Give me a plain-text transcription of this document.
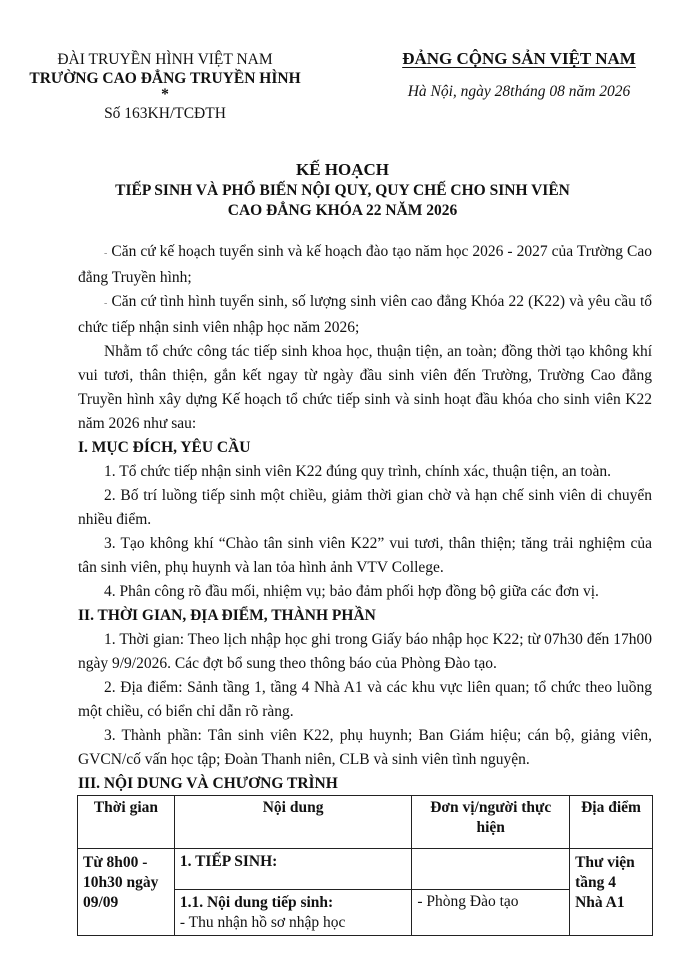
ĐÀI TRUYỀN HÌNH VIỆT NAM
TRƯỜNG CAO ĐẲNG TRUYỀN HÌNH
*
Số 163KH/TCĐTH
ĐẢNG CỘNG SẢN VIỆT NAM
Hà Nội, ngày 28tháng 08 năm 2026
KẾ HOẠCH
TIẾP SINH VÀ PHỔ BIẾN NỘI QUY, QUY CHẾ CHO SINH VIÊN
CAO ĐẲNG KHÓA 22 NĂM 2026

- Căn cứ kế hoạch tuyển sinh và kế hoạch đào tạo năm học 2026 - 2027 của Trường Cao đẳng Truyền hình;

- Căn cứ tình hình tuyển sinh, số lượng sinh viên cao đẳng Khóa 22 (K22) và yêu cầu tổ chức tiếp nhận sinh viên nhập học năm 2026;

Nhằm tổ chức công tác tiếp sinh khoa học, thuận tiện, an toàn; đồng thời tạo không khí vui tươi, thân thiện, gắn kết ngay từ ngày đầu sinh viên đến Trường, Trường Cao đẳng Truyền hình xây dựng Kế hoạch tổ chức tiếp sinh và sinh hoạt đầu khóa cho sinh viên K22 năm 2026 như sau:

I. MỤC ĐÍCH, YÊU CẦU

1. Tổ chức tiếp nhận sinh viên K22 đúng quy trình, chính xác, thuận tiện, an toàn.

2. Bố trí luồng tiếp sinh một chiều, giảm thời gian chờ và hạn chế sinh viên di chuyển nhiều điểm.

3. Tạo không khí “Chào tân sinh viên K22” vui tươi, thân thiện; tăng trải nghiệm của tân sinh viên, phụ huynh và lan tỏa hình ảnh VTV College.

4. Phân công rõ đầu mối, nhiệm vụ; bảo đảm phối hợp đồng bộ giữa các đơn vị.

II. THỜI GIAN, ĐỊA ĐIỂM, THÀNH PHẦN

1. Thời gian: Theo lịch nhập học ghi trong Giấy báo nhập học K22; từ 07h30 đến 17h00 ngày 9/9/2026. Các đợt bổ sung theo thông báo của Phòng Đào tạo.

2. Địa điểm: Sảnh tầng 1, tầng 4 Nhà A1 và các khu vực liên quan; tổ chức theo luồng một chiều, có biển chỉ dẫn rõ ràng.

3. Thành phần: Tân sinh viên K22, phụ huynh; Ban Giám hiệu; cán bộ, giảng viên, GVCN/cố vấn học tập; Đoàn Thanh niên, CLB và sinh viên tình nguyện.

III. NỘI DUNG VÀ CHƯƠNG TRÌNH

Thời gian	Nội dung	Đơn vị/người thực hiện	Địa điểm
Từ 8h00 - 10h30 ngày 09/09	1. TIẾP SINH:		Thư viện tầng 4 Nhà A1

	1.1. Nội dung tiếp sinh:
- Thu nhận hồ sơ nhập học	- Phòng Đào tạo	
